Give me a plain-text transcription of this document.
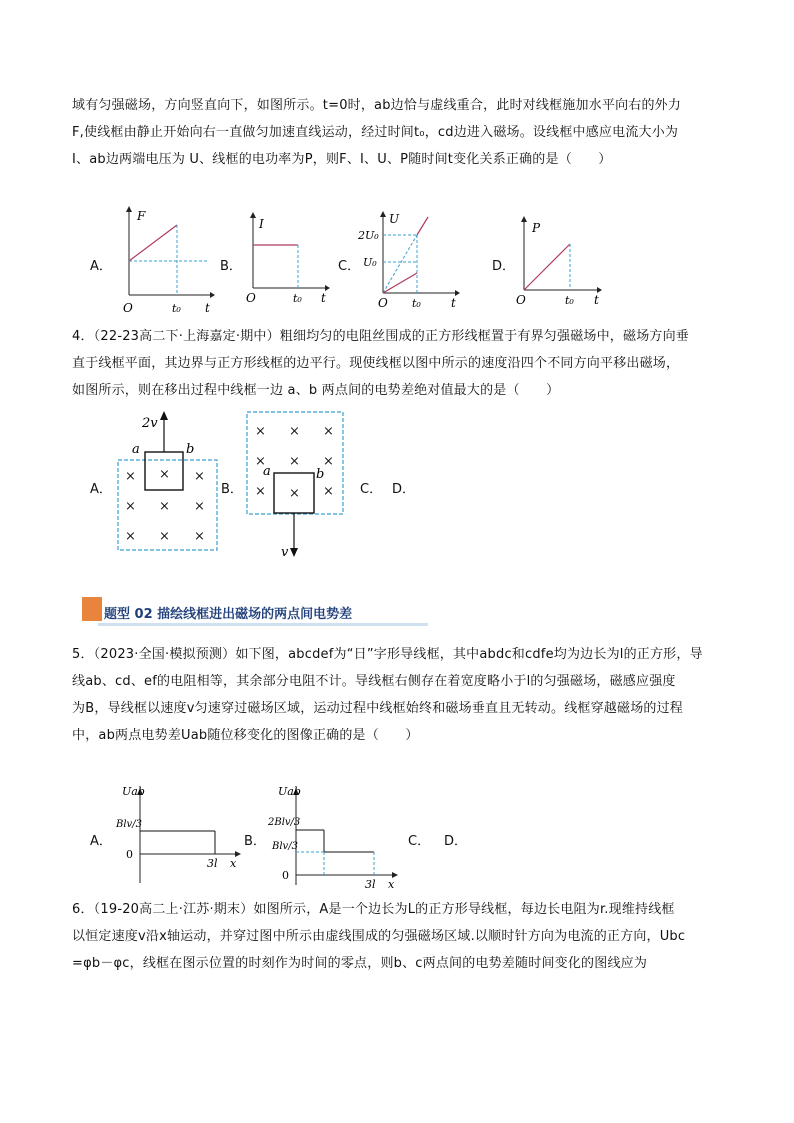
域有匀强磁场，方向竖直向下，如图所示。t=0时，ab边恰与虚线重合，此时对线框施加水平向右的外力
F,使线框由静止开始向右一直做匀加速直线运动，经过时间t₀，cd边进入磁场。设线框中感应电流大小为
I、ab边两端电压为 U、线框的电功率为P，则F、I、U、P随时间t变化关系正确的是（　　）
A．	B．	C．	D．
F
O	t₀ t
I
O	t₀ t
U
2U₀
U₀
O t₀	t
P
O	t₀ t
4．（22-23高二下·上海嘉定·期中）粗细均匀的电阻丝围成的正方形线框置于有界匀强磁场中，磁场方向垂
直于线框平面，其边界与正方形线框的边平行。现使线框以图中所示的速度沿四个不同方向平移出磁场，
如图所示，则在移出过程中线框一边 a、b 两点间的电势差绝对值最大的是（　　）
A．	B．	C． D．
2v
a	b
× × ×
× × ×
× × ×
v
a	b
× × ×
× × ×
× × ×
题型 02 描绘线框进出磁场的两点间电势差
5．（2023·全国·模拟预测）如下图，abcdef为“日”字形导线框，其中abdc和cdfe均为边长为l的正方形，导
线ab、cd、ef的电阻相等，其余部分电阻不计。导线框右侧存在着宽度略小于l的匀强磁场，磁感应强度
为B，导线框以速度v匀速穿过磁场区域，运动过程中线框始终和磁场垂直且无转动。线框穿越磁场的过程
中，ab两点电势差Uab随位移变化的图像正确的是（　　）
A．	B．	C． D．
Uab
Blv/3
0
3l x
Uab
2Blv/3
Blv/3
0
3l x
6．（19-20高二上·江苏·期末）如图所示，A是一个边长为L的正方形导线框，每边长电阻为r.现维持线框
以恒定速度v沿x轴运动，并穿过图中所示由虚线围成的匀强磁场区域.以顺时针方向为电流的正方向，Ubc
=φb－φc，线框在图示位置的时刻作为时间的零点，则b、c两点间的电势差随时间变化的图线应为
